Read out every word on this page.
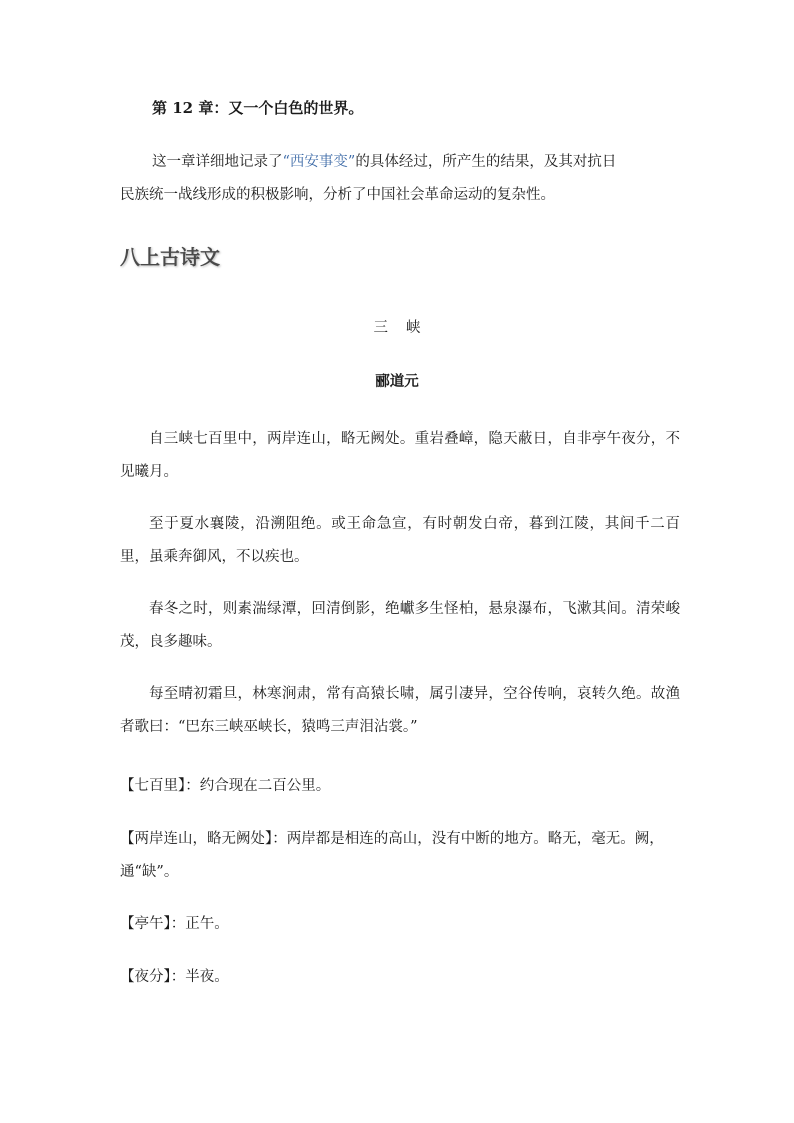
第 12 章：又一个白色的世界。
这一章详细地记录了“西安事变”的具体经过，所产生的结果，及其对抗日
民族统一战线形成的积极影响，分析了中国社会革命运动的复杂性。
八上古诗文
三峡
郦道元
自三峡七百里中，两岸连山，略无阙处。重岩叠嶂，隐天蔽日，自非亭午夜分，不见曦月。
至于夏水襄陵，沿溯阻绝。或王命急宣，有时朝发白帝，暮到江陵，其间千二百里，虽乘奔御风，不以疾也。
春冬之时，则素湍绿潭，回清倒影，绝巘多生怪柏，悬泉瀑布，飞漱其间。清荣峻茂，良多趣味。
每至晴初霜旦，林寒涧肃，常有高猿长啸，属引凄异，空谷传响，哀转久绝。故渔者歌曰：“巴东三峡巫峡长，猿鸣三声泪沾裳。”
【七百里】：约合现在二百公里。
【两岸连山，略无阙处】：两岸都是相连的高山，没有中断的地方。略无，毫无。阙，通“缺”。
【亭午】：正午。
【夜分】：半夜。
